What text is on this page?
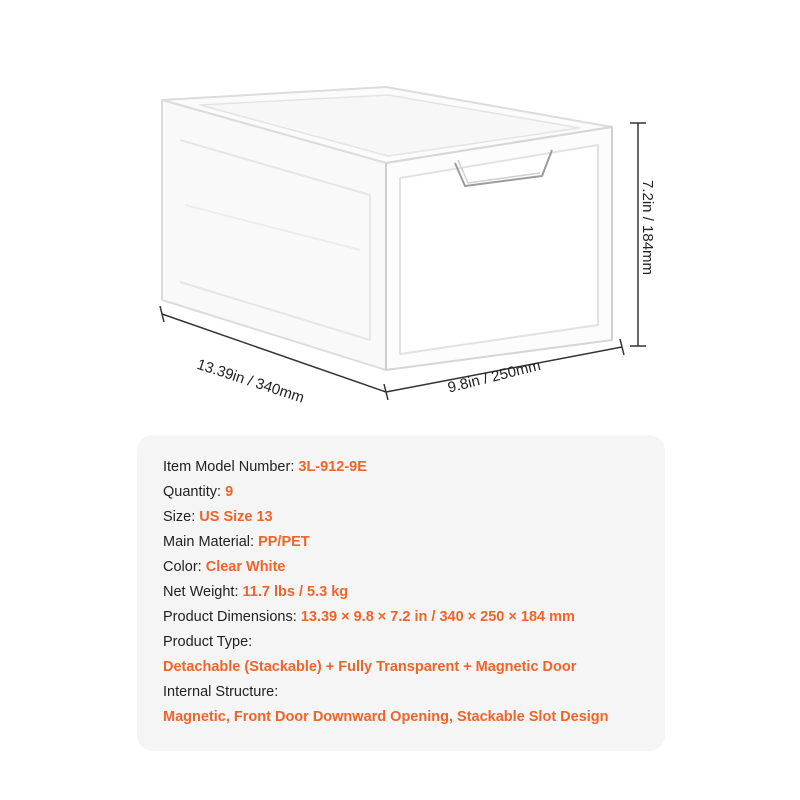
13.39in / 340mm	9.8in / 250mm
7.2in / 184mm
Item Model Number: 3L-912-9E
Quantity: 9
Size: US Size 13
Main Material: PP/PET
Color: Clear White
Net Weight: 11.7 lbs / 5.3 kg
Product Dimensions: 13.39 × 9.8 × 7.2 in / 340 × 250 × 184 mm
Product Type:
Detachable (Stackable) + Fully Transparent + Magnetic Door
Internal Structure:
Magnetic, Front Door Downward Opening, Stackable Slot Design
